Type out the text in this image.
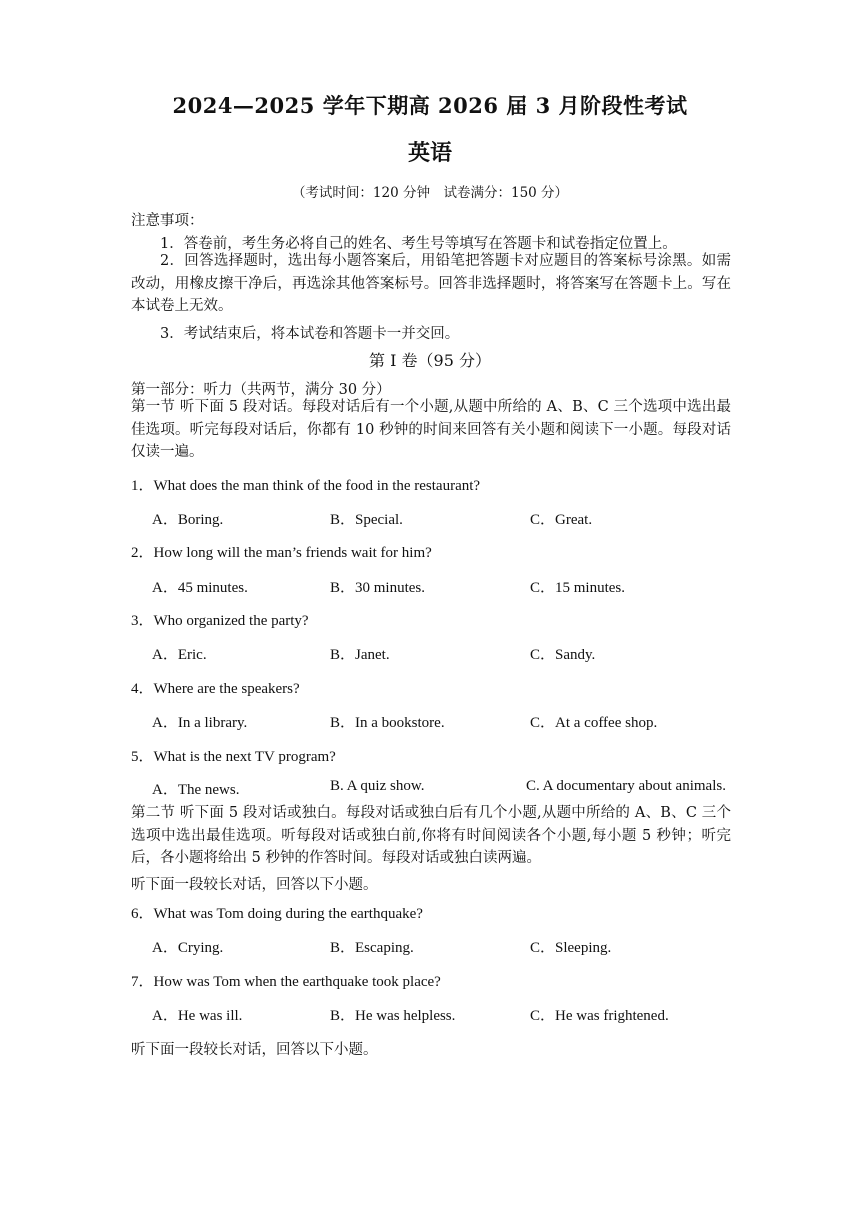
2024—2025 学年下期高 2026 届 3 月阶段性考试
英语
（考试时间：120 分钟　试卷满分：150 分）
注意事项：
1．答卷前，考生务必将自己的姓名、考生号等填写在答题卡和试卷指定位置上。
2．回答选择题时，选出每小题答案后，用铅笔把答题卡对应题目的答案标号涂黑。如需改动，用橡皮擦干净后，再选涂其他答案标号。回答非选择题时，将答案写在答题卡上。写在本试卷上无效。
3．考试结束后，将本试卷和答题卡一并交回。
第 I 卷（95 分）
第一部分：听力（共两节，满分 30 分）
第一节 听下面 5 段对话。每段对话后有一个小题,从题中所给的 A、B、C 三个选项中选出最佳选项。听完每段对话后，你都有 10 秒钟的时间来回答有关小题和阅读下一小题。每段对话仅读一遍。
1．What does the man think of the food in the restaurant?
A．Boring.	B．Special.	C．Great.
2．How long will the man’s friends wait for him?
A．45 minutes.	B．30 minutes.	C．15 minutes.
3．Who organized the party?
A．Eric.	B．Janet.	C．Sandy.
4．Where are the speakers?
A．In a library.	B．In a bookstore.	C．At a coffee shop.
5．What is the next TV program?
A．The news.	B. A quiz show.	C. A documentary about animals.
第二节 听下面 5 段对话或独白。每段对话或独白后有几个小题,从题中所给的 A、B、C 三个选项中选出最佳选项。听每段对话或独白前,你将有时间阅读各个小题,每小题 5 秒钟；听完后，各小题将给出 5 秒钟的作答时间。每段对话或独白读两遍。
听下面一段较长对话，回答以下小题。
6．What was Tom doing during the earthquake?
A．Crying.	B．Escaping.	C．Sleeping.
7．How was Tom when the earthquake took place?
A．He was ill.	B．He was helpless.	C．He was frightened.
听下面一段较长对话，回答以下小题。
